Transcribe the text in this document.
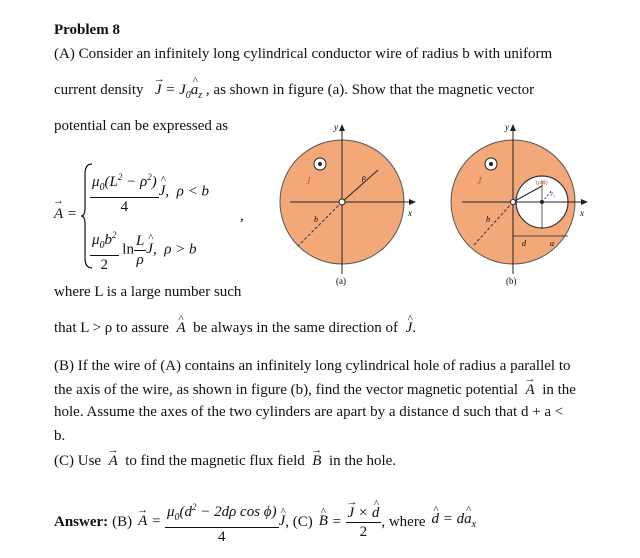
Problem 8
(A) Consider an infinitely long cylindrical conductor wire of radius b with uniform
current density   → $J = J_0\^{}$ $a_z$ , as shown in figure (a). Show that the magnetic vector
potential can be expressed as
→ $A = \frac{\mu_0(L^2 - \rho^2)}{4}$
^ J,  ρ < b
,
$\frac{\mu_0b^2}{2}$ $\ln \frac{L}{\rho}$
^ J,  ρ > b
y
x
J
b
ρ
(a)
y
x
J
b
d	a
(ρ,ϕ)
P₂
(b)
where L is a large number such
that L > ρ to assure  ^ A be always in the same direction of  ^ J.
(B) If the wire of (A) contains an infinitely long cylindrical hole of radius a parallel to
the axis of the wire, as shown in figure (b), find the vector magnetic potential  → A in the
hole. Assume the axes of the two cylinders are apart by a distance d such that d + a <
b.
(C) Use  → A to find the magnetic flux field  → B in the hole.
Answer: (B)
→ $A = \frac{\mu_0(d^2 - 2d\rho \cos \phi)}{4}$
^ J , (C)
^ B =
→ $\frac{J \times \^{} d}{2}$ , where
^ d = d^ $a_x$
